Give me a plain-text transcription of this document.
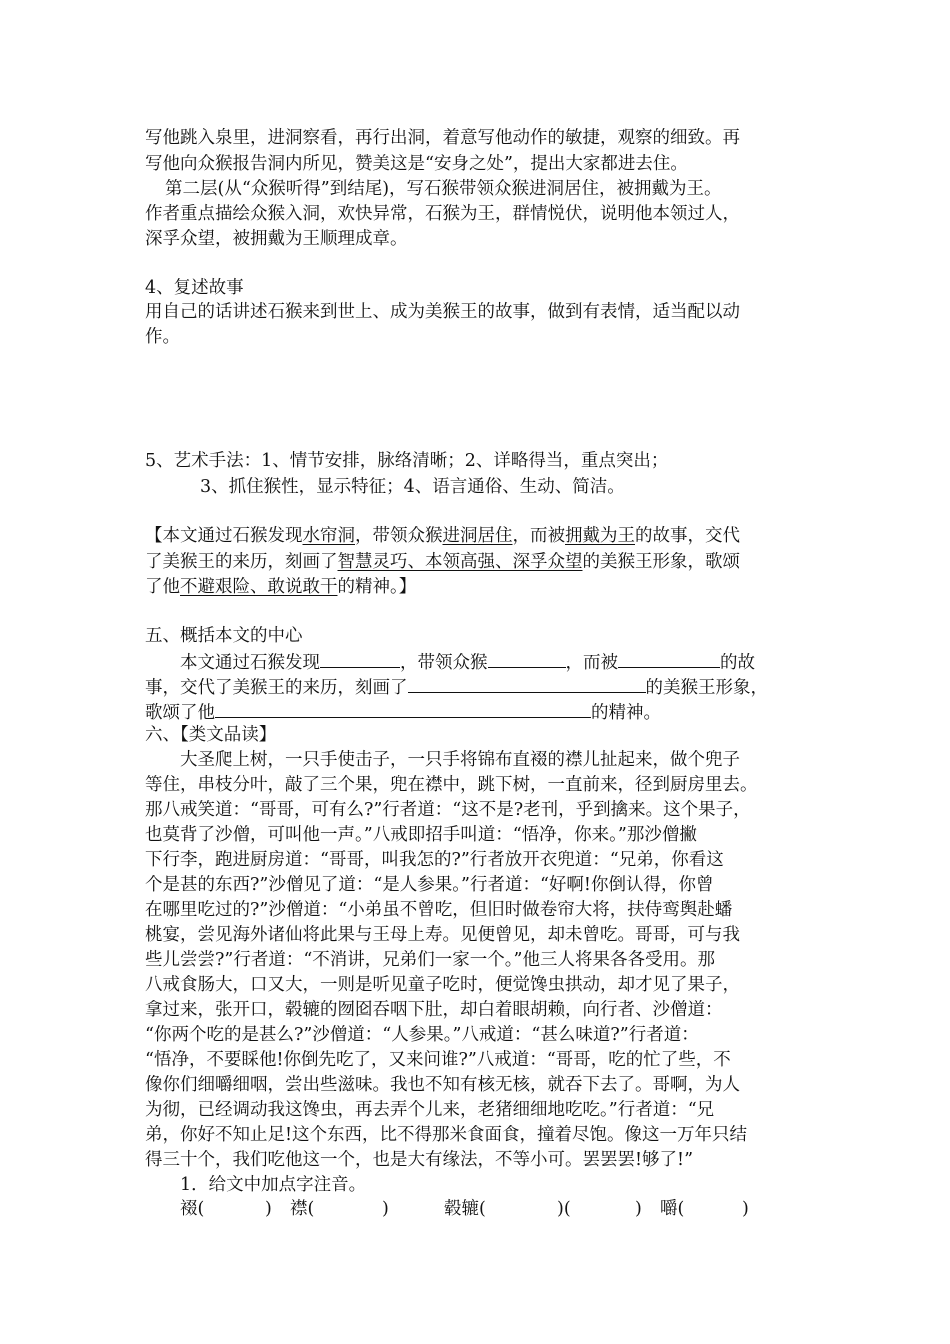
写他跳入泉里，进洞察看，再行出洞，着意写他动作的敏捷，观察的细致。再
写他向众猴报告洞内所见，赞美这是“安身之处”，提出大家都进去住。
第二层(从“众猴听得”到结尾)，写石猴带领众猴进洞居住，被拥戴为王。
作者重点描绘众猴入洞，欢快异常，石猴为王，群情悦伏，说明他本领过人，
深孚众望，被拥戴为王顺理成章。
4、复述故事
用自己的话讲述石猴来到世上、成为美猴王的故事，做到有表情，适当配以动
作。
5、艺术手法：1、情节安排，脉络清晰；2、详略得当，重点突出；
3、抓住猴性，显示特征；4、语言通俗、生动、简洁。
【本文通过石猴发现水帘洞，带领众猴进洞居住，而被拥戴为王的故事，交代
了美猴王的来历，刻画了智慧灵巧、本领高强、深孚众望的美猴王形象，歌颂
了他不避艰险、敢说敢干的精神。】
五、概括本文的中心
本文通过石猴发现	，带领众猴	，而被	的故
事，交代了美猴王的来历，刻画了	的美猴王形象，
歌颂了他	的精神。
六、【类文品读】
大圣爬上树，一只手使击子，一只手将锦布直裰的襟儿扯起来，做个兜子
等住，串枝分叶，敲了三个果，兜在襟中，跳下树，一直前来，径到厨房里去。
那八戒笑道：“哥哥，可有么?”行者道：“这不是?老刊，乎到擒来。这个果子，
也莫背了沙僧，可叫他一声。”八戒即招手叫道：“悟净，你来。”那沙僧撇
下行李，跑进厨房道：“哥哥，叫我怎的?”行者放开衣兜道：“兄弟，你看这
个是甚的东西?”沙僧见了道：“是人参果。”行者道：“好啊!你倒认得，你曾
在哪里吃过的?”沙僧道：“小弟虽不曾吃，但旧时做卷帘大将，扶侍鸾舆赴蟠
桃宴，尝见海外诸仙将此果与王母上寿。见便曾见，却未曾吃。哥哥，可与我
些儿尝尝?”行者道：“不消讲，兄弟们一家一个。”他三人将果各各受用。那
八戒食肠大，口又大，一则是听见童子吃时，便觉馋虫拱动，却才见了果子，
拿过来，张开口，毂辘的囫囵吞咽下肚，却白着眼胡赖，向行者、沙僧道：
“你两个吃的是甚么?”沙僧道：“人参果。”八戒道：“甚么味道?”行者道：
“悟净，不要睬他!你倒先吃了，又来问谁?”八戒道：“哥哥，吃的忙了些，不
像你们细嚼细咽，尝出些滋味。我也不知有核无核，就吞下去了。哥啊，为人
为彻，已经调动我这馋虫，再去弄个儿来，老猪细细地吃吃。”行者道：“兄
弟，你好不知止足!这个东西，比不得那米食面食，撞着尽饱。像这一万年只结
得三十个，我们吃他这一个，也是大有缘法，不等小可。罢罢罢!够了!”
1．给文中加点字注音。
裰(	) 襟(	)	毂辘(	)(	) 嚼(	)
